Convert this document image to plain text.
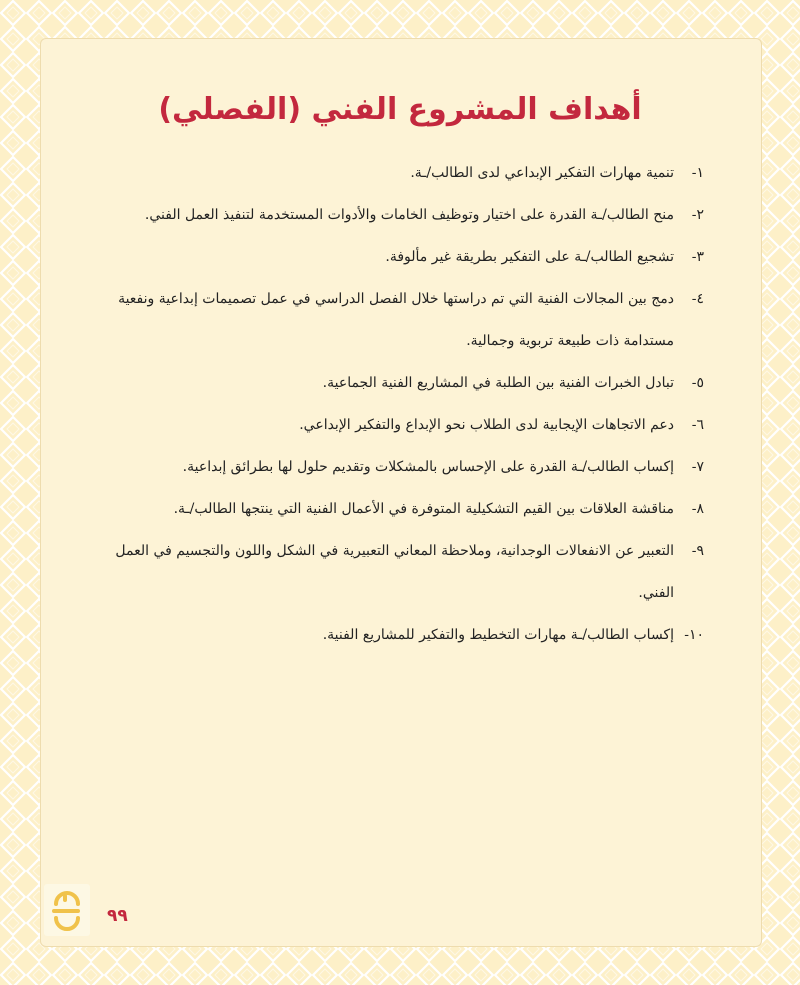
أهداف المشروع الفني (الفصلي)
١-
تنمية مهارات التفكير الإبداعي لدى الطالب/ـة.
٢-
منح الطالب/ـة القدرة على اختيار وتوظيف الخامات والأدوات المستخدمة لتنفيذ العمل الفني.
٣-
تشجيع الطالب/ـة على التفكير بطريقة غير مألوفة.
٤-
دمج بين المجالات الفنية التي تم دراستها خلال الفصل الدراسي في عمل تصميمات إبداعية ونفعية مستدامة ذات طبيعة تربوية وجمالية.
٥-
تبادل الخبرات الفنية بين الطلبة في المشاريع الفنية الجماعية.
٦-
دعم الاتجاهات الإيجابية لدى الطلاب نحو الإبداع والتفكير الإبداعي.
٧-
إكساب الطالب/ـة القدرة على الإحساس بالمشكلات وتقديم حلول لها بطرائق إبداعية.
٨-
مناقشة العلاقات بين القيم التشكيلية المتوفرة في الأعمال الفنية التي ينتجها الطالب/ـة.
٩-
التعبير عن الانفعالات الوجدانية، وملاحظة المعاني التعبيرية في الشكل واللون والتجسيم في العمل الفني.
١٠-
إكساب الطالب/ـة مهارات التخطيط والتفكير للمشاريع الفنية.
٩٩
